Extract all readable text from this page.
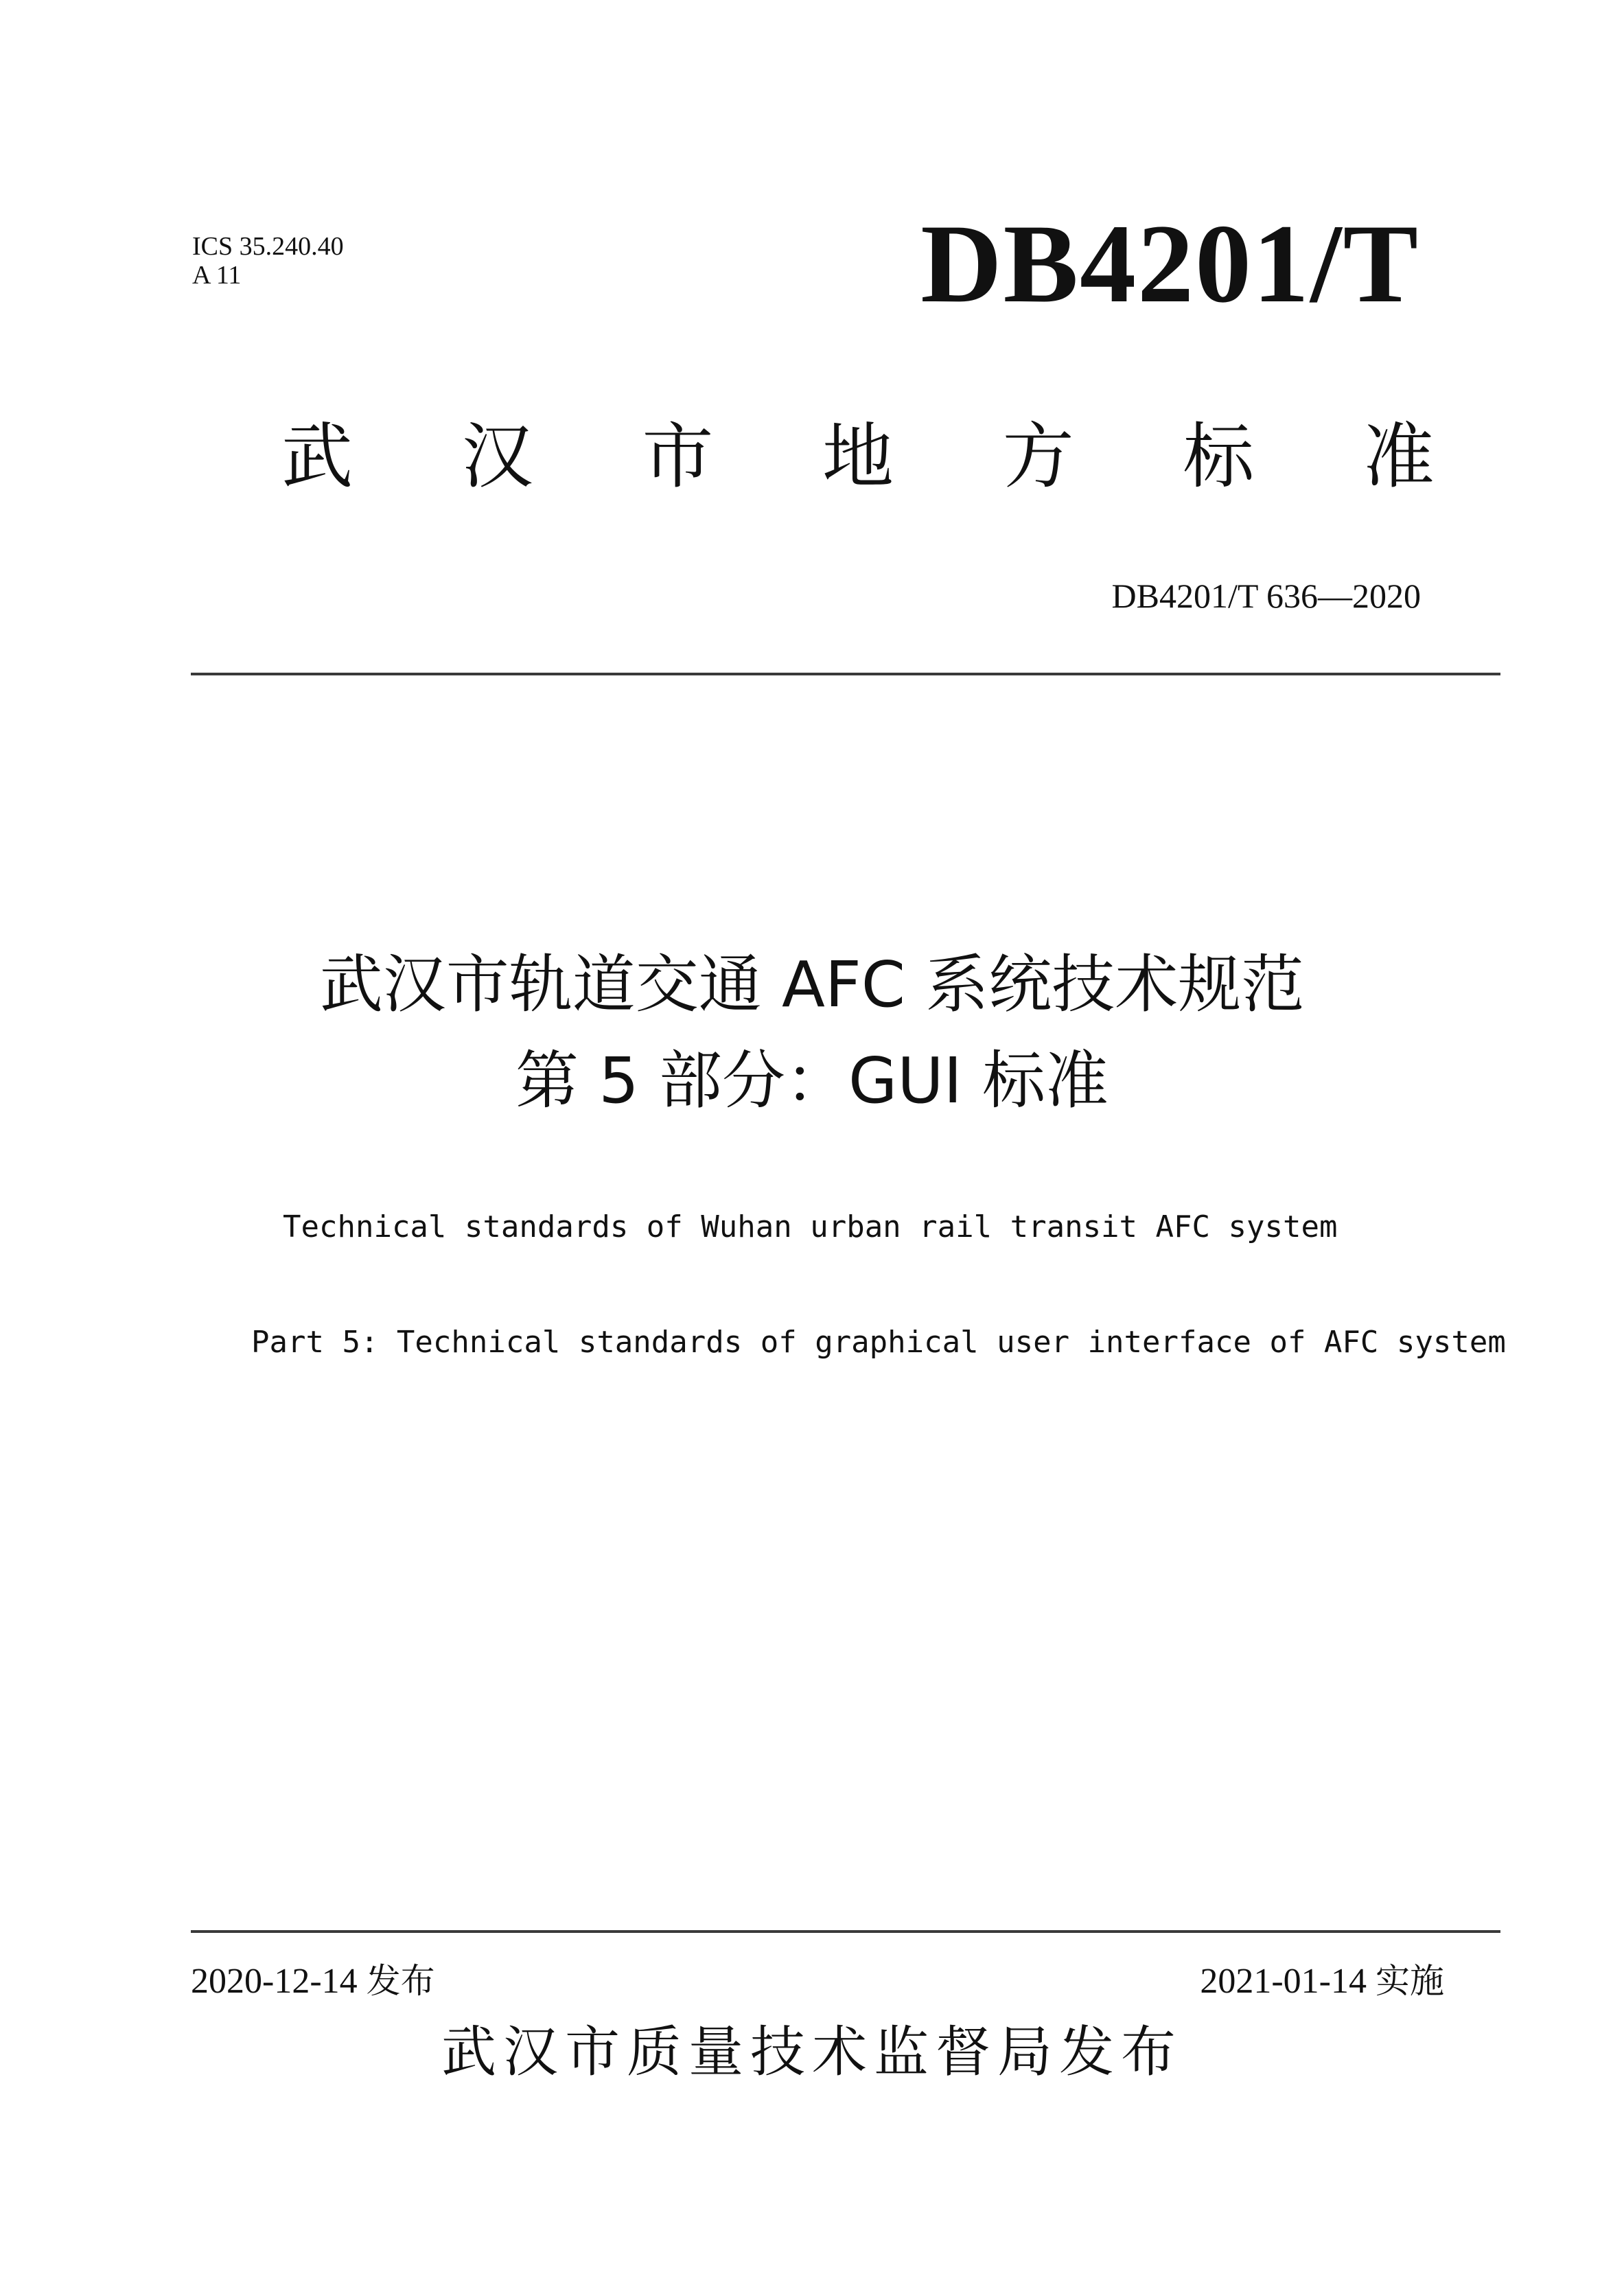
ICS 35.240.40
A 11	DB4201/T
武 汉 市 地 方 标 准
DB4201/T 636—2020
武汉市轨道交通 AFC 系统技术规范
第 5 部分：GUI 标准
Technical standards of Wuhan urban rail transit AFC system
Part 5: Technical standards of graphical user interface of AFC system
2020-12-14 发布	2021-01-14 实施
武汉市质量技术监督局发布
